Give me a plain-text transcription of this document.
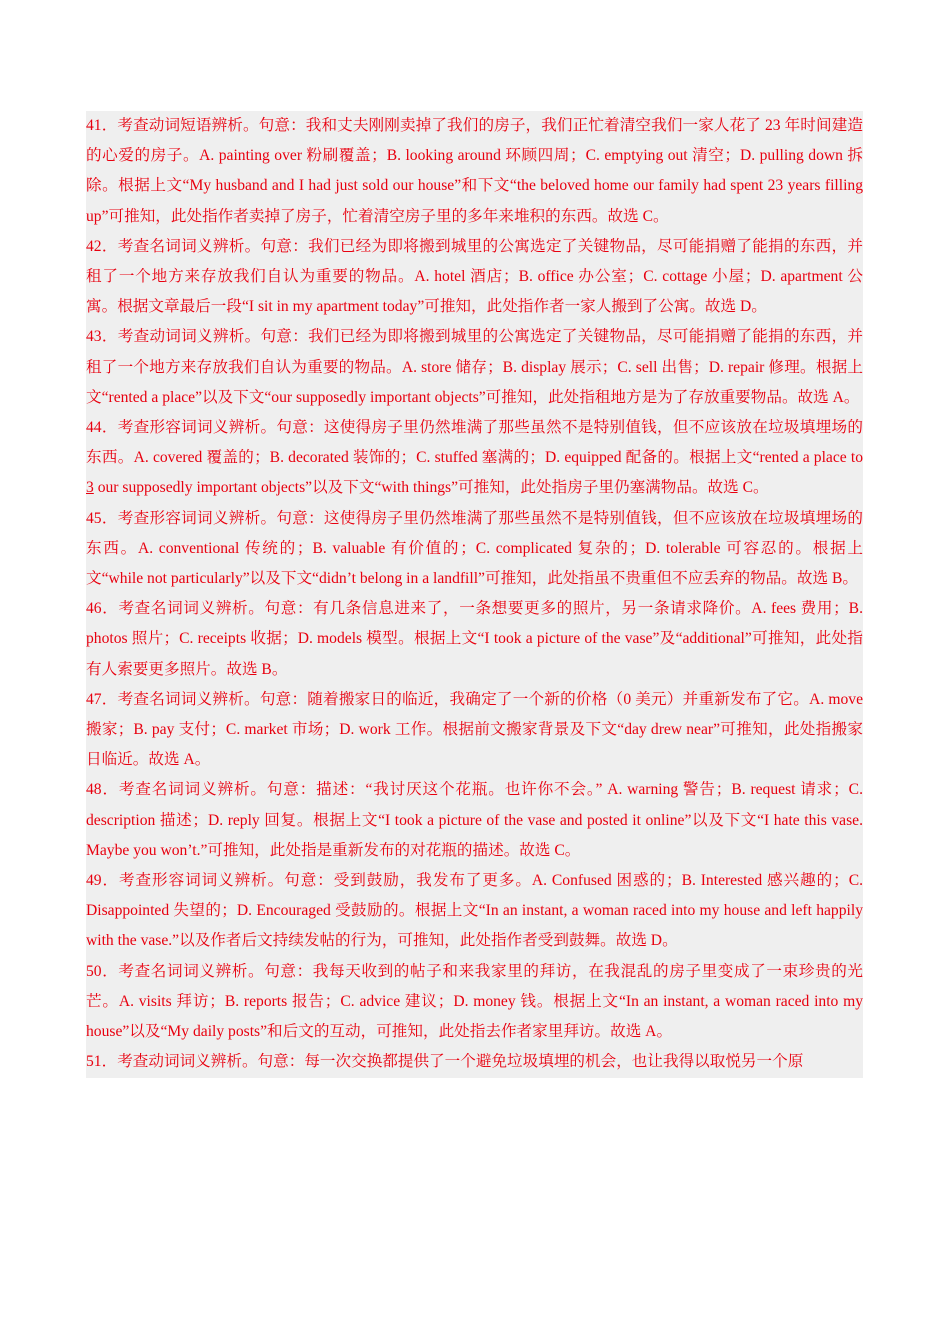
41．考查动词短语辨析。句意：我和丈夫刚刚卖掉了我们的房子，我们正忙着清空我们一家人花了 23 年时间建造的心爱的房子。A. painting over 粉刷覆盖；B. looking around 环顾四周；C. emptying out 清空；D. pulling down 拆除。根据上文“My husband and I had just sold our house”和下文“the beloved home our family had spent 23 years filling up”可推知，此处指作者卖掉了房子，忙着清空房子里的多年来堆积的东西。故选 C。

42．考查名词词义辨析。句意：我们已经为即将搬到城里的公寓选定了关键物品，尽可能捐赠了能捐的东西，并租了一个地方来存放我们自认为重要的物品。A. hotel 酒店；B. office 办公室；C. cottage 小屋；D. apartment 公寓。根据文章最后一段“I sit in my apartment today”可推知，此处指作者一家人搬到了公寓。故选 D。

43．考查动词词义辨析。句意：我们已经为即将搬到城里的公寓选定了关键物品，尽可能捐赠了能捐的东西，并租了一个地方来存放我们自认为重要的物品。A. store 储存；B. display 展示；C. sell 出售；D. repair 修理。根据上文“rented a place”以及下文“our supposedly important objects”可推知，此处指租地方是为了存放重要物品。故选 A。

44．考查形容词词义辨析。句意：这使得房子里仍然堆满了那些虽然不是特别值钱，但不应该放在垃圾填埋场的东西。A. covered 覆盖的；B. decorated 装饰的；C. stuffed 塞满的；D. equipped 配备的。根据上文“rented a place to 3 our supposedly important objects”以及下文“with things”可推知，此处指房子里仍塞满物品。故选 C。

45．考查形容词词义辨析。句意：这使得房子里仍然堆满了那些虽然不是特别值钱，但不应该放在垃圾填埋场的东西。A. conventional 传统的；B. valuable 有价值的；C. complicated 复杂的；D. tolerable 可容忍的。根据上文“while not particularly”以及下文“didn’t belong in a landfill”可推知，此处指虽不贵重但不应丢弃的物品。故选 B。

46．考查名词词义辨析。句意：有几条信息进来了，一条想要更多的照片，另一条请求降价。A. fees 费用；B. photos 照片；C. receipts 收据；D. models 模型。根据上文“I took a picture of the vase”及“additional”可推知，此处指有人索要更多照片。故选 B。

47．考查名词词义辨析。句意：随着搬家日的临近，我确定了一个新的价格（0 美元）并重新发布了它。A. move 搬家；B. pay 支付；C. market 市场；D. work 工作。根据前文搬家背景及下文“day drew near”可推知，此处指搬家日临近。故选 A。

48．考查名词词义辨析。句意：描述：“我讨厌这个花瓶。也许你不会。” A. warning 警告；B. request 请求；C. description 描述；D. reply 回复。根据上文“I took a picture of the vase and posted it online”以及下文“I hate this vase. Maybe you won’t.”可推知，此处指是重新发布的对花瓶的描述。故选 C。

49．考查形容词词义辨析。句意：受到鼓励，我发布了更多。A. Confused 困惑的；B. Interested 感兴趣的；C. Disappointed 失望的；D. Encouraged 受鼓励的。根据上文“In an instant, a woman raced into my house and left happily with the vase.”以及作者后文持续发帖的行为，可推知，此处指作者受到鼓舞。故选 D。

50．考查名词词义辨析。句意：我每天收到的帖子和来我家里的拜访，在我混乱的房子里变成了一束珍贵的光芒。A. visits 拜访；B. reports 报告；C. advice 建议；D. money 钱。根据上文“In an instant, a woman raced into my house”以及“My daily posts”和后文的互动，可推知，此处指去作者家里拜访。故选 A。

51．考查动词词义辨析。句意：每一次交换都提供了一个避免垃圾填埋的机会，也让我得以取悦另一个原
